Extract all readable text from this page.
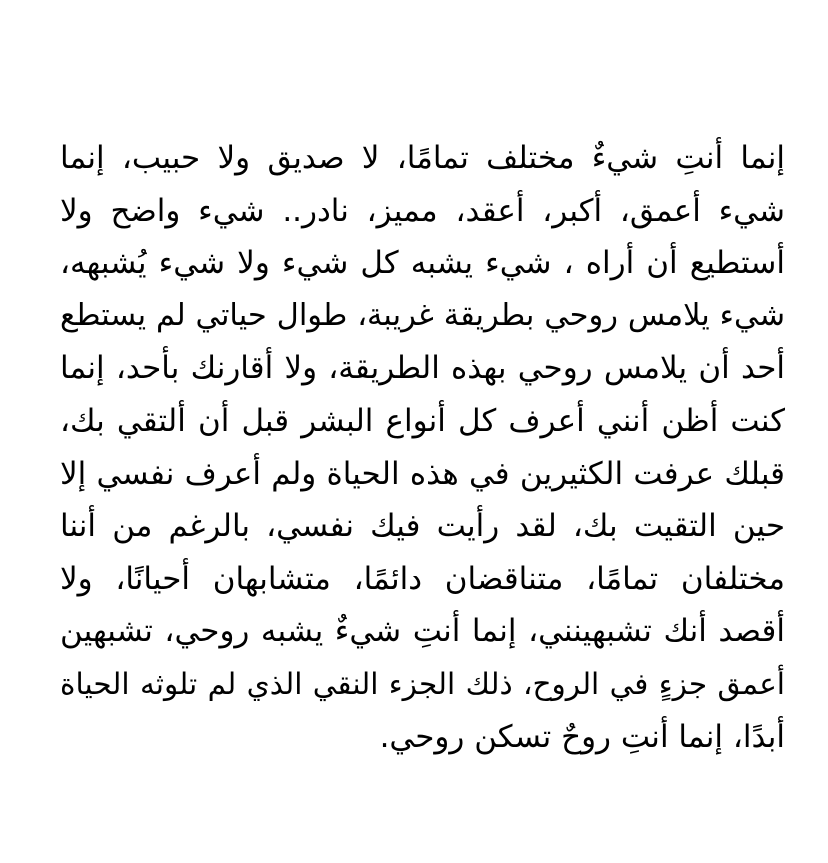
إنما أنتِ شيءٌ مختلف تمامًا، لا صديق ولا حبيب، إنما
شيء أعمق، أكبر، أعقد، مميز، نادر.. شيء واضح ولا
أستطيع أن أراه ، شيء يشبه كل شيء ولا شيء يُشبهه،
شيء يلامس روحي بطريقة غريبة، طوال حياتي لم يستطع
أحد أن يلامس روحي بهذه الطريقة، ولا أقارنك بأحد، إنما
كنت أظن أنني أعرف كل أنواع البشر قبل أن ألتقي بك،
قبلك عرفت الكثيرين في هذه الحياة ولم أعرف نفسي إلا
حين التقيت بك، لقد رأيت فيك نفسي، بالرغم من أننا
مختلفان تمامًا، متناقضان دائمًا، متشابهان أحيانًا، ولا
أقصد أنك تشبهينني، إنما أنتِ شيءٌ يشبه روحي، تشبهين
أعمق جزءٍ في الروح، ذلك الجزء النقي الذي لم تلوثه الحياة
أبدًا، إنما أنتِ روحٌ تسكن روحي.
